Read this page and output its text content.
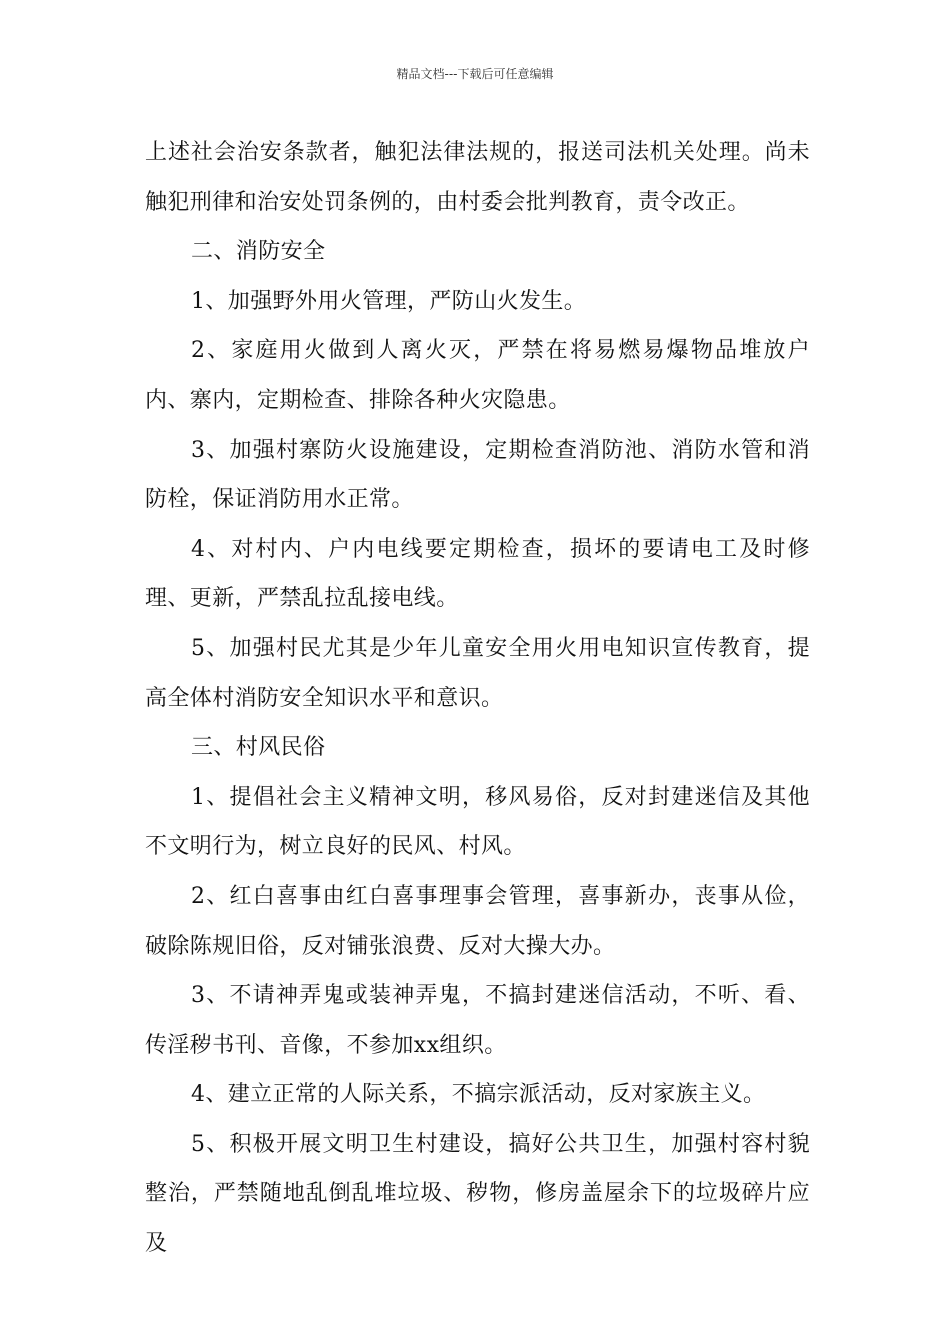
精品文档---下载后可任意编辑

上述社会治安条款者，触犯法律法规的，报送司法机关处理。尚未触犯刑律和治安处罚条例的，由村委会批判教育，责令改正。

二、消防安全

1、加强野外用火管理，严防山火发生。

2、家庭用火做到人离火灭，严禁在将易燃易爆物品堆放户内、寨内，定期检查、排除各种火灾隐患。

3、加强村寨防火设施建设，定期检查消防池、消防水管和消防栓，保证消防用水正常。

4、对村内、户内电线要定期检查，损坏的要请电工及时修理、更新，严禁乱拉乱接电线。

5、加强村民尤其是少年儿童安全用火用电知识宣传教育，提高全体村消防安全知识水平和意识。

三、村风民俗

1、提倡社会主义精神文明，移风易俗，反对封建迷信及其他不文明行为，树立良好的民风、村风。

2、红白喜事由红白喜事理事会管理，喜事新办，丧事从俭，破除陈规旧俗，反对铺张浪费、反对大操大办。

3、不请神弄鬼或装神弄鬼，不搞封建迷信活动，不听、看、传淫秽书刊、音像，不参加xx组织。

4、建立正常的人际关系，不搞宗派活动，反对家族主义。

5、积极开展文明卫生村建设，搞好公共卫生，加强村容村貌整治，严禁随地乱倒乱堆垃圾、秽物，修房盖屋余下的垃圾碎片应及
